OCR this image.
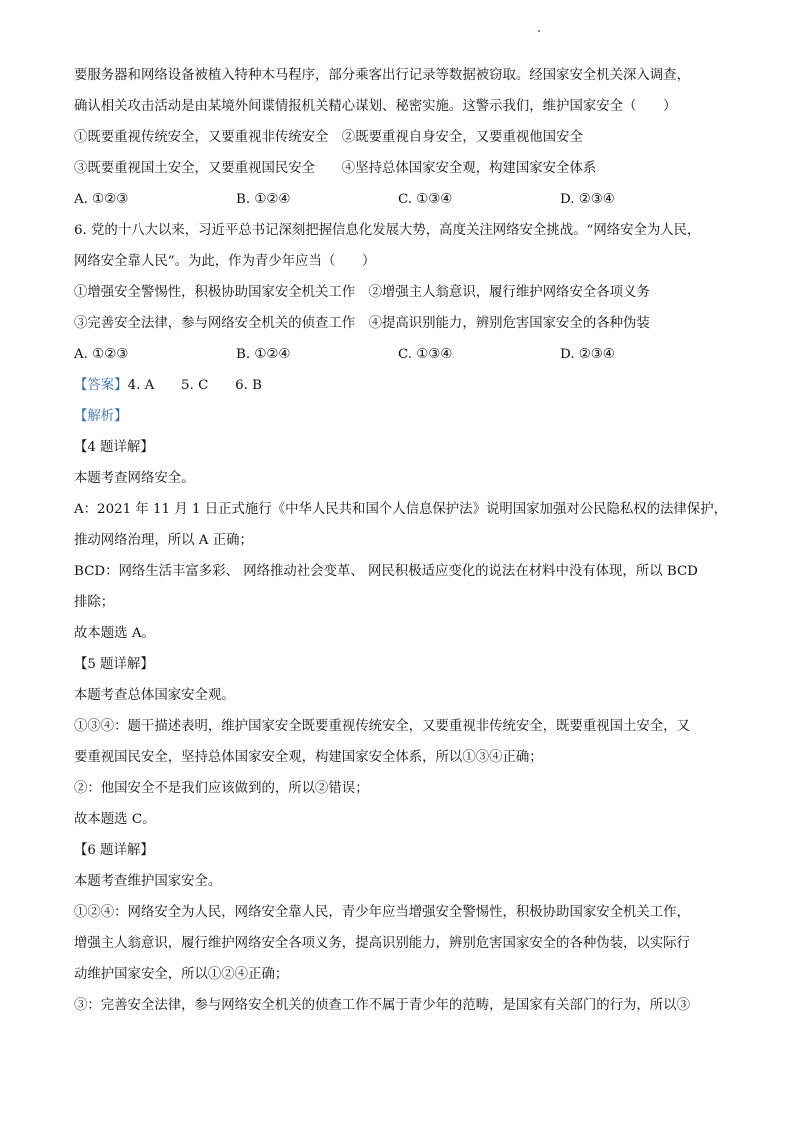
要服务器和网络设备被植入特种木马程序，部分乘客出行记录等数据被窃取。经国家安全机关深入调查，
确认相关攻击活动是由某境外间谍情报机关精心谋划、秘密实施。这警示我们，维护国家安全（　　）
①既要重视传统安全，又要重视非传统安全　②既要重视自身安全，又要重视他国安全
③既要重视国土安全，又要重视国民安全　　④坚持总体国家安全观，构建国家安全体系
A. ①②③	B. ①②④	C. ①③④	D. ②③④
6. 党的十八大以来，习近平总书记深刻把握信息化发展大势，高度关注网络安全挑战。“网络安全为人民，
网络安全靠人民”。为此，作为青少年应当（　　）
①增强安全警惕性，积极协助国家安全机关工作　②增强主人翁意识，履行维护网络安全各项义务
③完善安全法律，参与网络安全机关的侦查工作　④提高识别能力，辨别危害国家安全的各种伪装
A. ①②③	B. ①②④	C. ①③④	D. ②③④
【答案】4. A　　5. C　　6. B
【解析】
【4 题详解】
本题考查网络安全。
A：2021 年 11 月 1 日正式施行《中华人民共和国个人信息保护法》说明国家加强对公民隐私权的法律保护，
推动网络治理，所以 A 正确；
BCD：网络生活丰富多彩、 网络推动社会变革、 网民积极适应变化的说法在材料中没有体现，所以 BCD
排除；
故本题选 A。
【5 题详解】
本题考查总体国家安全观。
①③④：题干描述表明，维护国家安全既要重视传统安全，又要重视非传统安全，既要重视国土安全，又
要重视国民安全，坚持总体国家安全观，构建国家安全体系，所以①③④正确；
②：他国安全不是我们应该做到的，所以②错误；
故本题选 C。
【6 题详解】
本题考查维护国家安全。
①②④：网络安全为人民，网络安全靠人民，青少年应当增强安全警惕性，积极协助国家安全机关工作，
增强主人翁意识，履行维护网络安全各项义务，提高识别能力，辨别危害国家安全的各种伪装，以实际行
动维护国家安全，所以①②④正确；
③：完善安全法律，参与网络安全机关的侦查工作不属于青少年的范畴，是国家有关部门的行为，所以③
